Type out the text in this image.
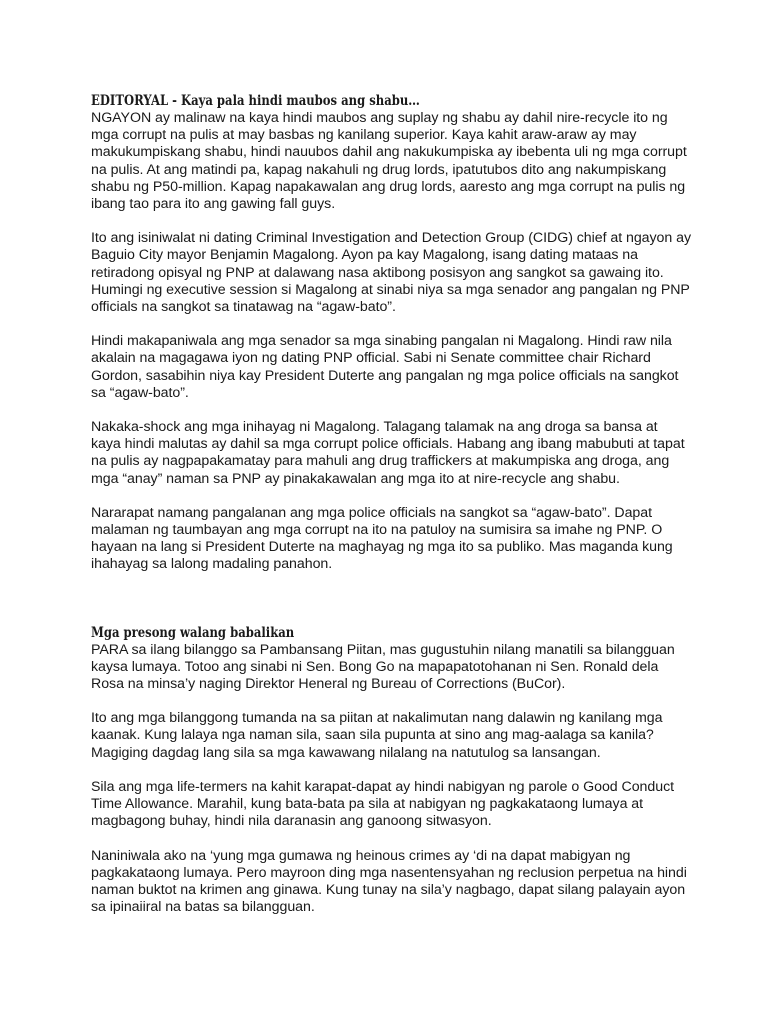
EDITORYAL - Kaya pala hindi maubos ang shabu…

NGAYON ay malinaw na kaya hindi maubos ang suplay ng shabu ay dahil nire-recycle ito ng mga corrupt na pulis at may basbas ng kanilang superior. Kaya kahit araw-araw ay may makukumpiskang shabu, hindi nauubos dahil ang nakukumpiska ay ibebenta uli ng mga corrupt na pulis. At ang matindi pa, kapag nakahuli ng drug lords, ipatutubos dito ang nakumpiskang shabu ng P50-million. Kapag napakawalan ang drug lords, aaresto ang mga corrupt na pulis ng ibang tao para ito ang gawing fall guys.

Ito ang isiniwalat ni dating Criminal Investigation and Detection Group (CIDG) chief at ngayon ay Baguio City mayor Benjamin Magalong. Ayon pa kay Magalong, isang dating mataas na retiradong opisyal ng PNP at dalawang nasa aktibong posisyon ang sangkot sa gawaing ito. Humingi ng executive session si Magalong at sinabi niya sa mga senador ang pangalan ng PNP officials na sangkot sa tinatawag na “agaw-bato”.

Hindi makapaniwala ang mga senador sa mga sinabing pangalan ni Magalong. Hindi raw nila akalain na magagawa iyon ng dating PNP official. Sabi ni Senate committee chair Richard Gordon, sasabihin niya kay President Duterte ang pangalan ng mga police officials na sangkot sa “agaw-bato”.

Nakaka-shock ang mga inihayag ni Magalong. Talagang talamak na ang droga sa bansa at kaya hindi malutas ay dahil sa mga corrupt police officials. Habang ang ibang mabubuti at tapat na pulis ay nagpapakamatay para mahuli ang drug traffickers at makumpiska ang droga, ang mga “anay” naman sa PNP ay pinakakawalan ang mga ito at nire-recycle ang shabu.

Nararapat namang pangalanan ang mga police officials na sangkot sa “agaw-bato”. Dapat malaman ng taumbayan ang mga corrupt na ito na patuloy na sumisira sa imahe ng PNP. O hayaan na lang si President Duterte na maghayag ng mga ito sa publiko. Mas maganda kung ihahayag sa lalong madaling panahon.

Mga presong walang babalikan

PARA sa ilang bilanggo sa Pambansang Piitan, mas gugustuhin nilang manatili sa bilangguan kaysa lumaya. Totoo ang sinabi ni Sen. Bong Go na mapapatotohanan ni Sen. Ronald dela Rosa na minsa’y naging Direktor Heneral ng Bureau of Corrections (BuCor).

Ito ang mga bilanggong tumanda na sa piitan at nakalimutan nang dalawin ng kanilang mga kaanak. Kung lalaya nga naman sila, saan sila pupunta at sino ang mag-aalaga sa kanila? Magiging dagdag lang sila sa mga kawawang nilalang na natutulog sa lansangan.

Sila ang mga life-termers na kahit karapat-dapat ay hindi nabigyan ng parole o Good Conduct Time Allowance. Marahil, kung bata-bata pa sila at nabigyan ng pagkakataong lumaya at magbagong buhay, hindi nila daranasin ang ganoong sitwasyon.

Naniniwala ako na ‘yung mga gumawa ng heinous crimes ay ‘di na dapat mabigyan ng pagkakataong lumaya. Pero mayroon ding mga nasentensyahan ng reclusion perpetua na hindi naman buktot na krimen ang ginawa. Kung tunay na sila’y nagbago, dapat silang palayain ayon sa ipinaiiral na batas sa bilangguan.
